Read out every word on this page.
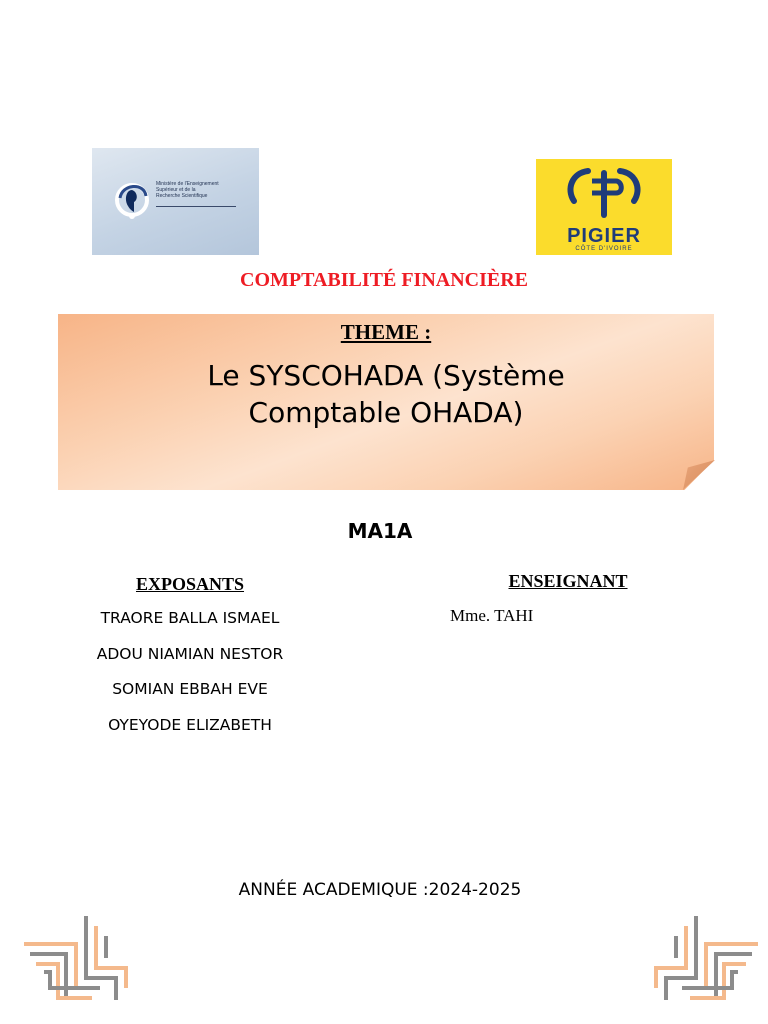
Ministère de l'Enseignement
Supérieur et de la
Recherche Scientifique
PIGIER
CÔTE D'IVOIRE
COMPTABILITÉ FINANCIÈRE
THEME :
Le SYSCOHADA (Système
Comptable OHADA)
MA1A
EXPOSANTS
TRAORE BALLA ISMAEL
ADOU NIAMIAN NESTOR
SOMIAN EBBAH EVE
OYEYODE ELIZABETH
ENSEIGNANT
Mme. TAHI
ANNÉE ACADEMIQUE :2024-2025
